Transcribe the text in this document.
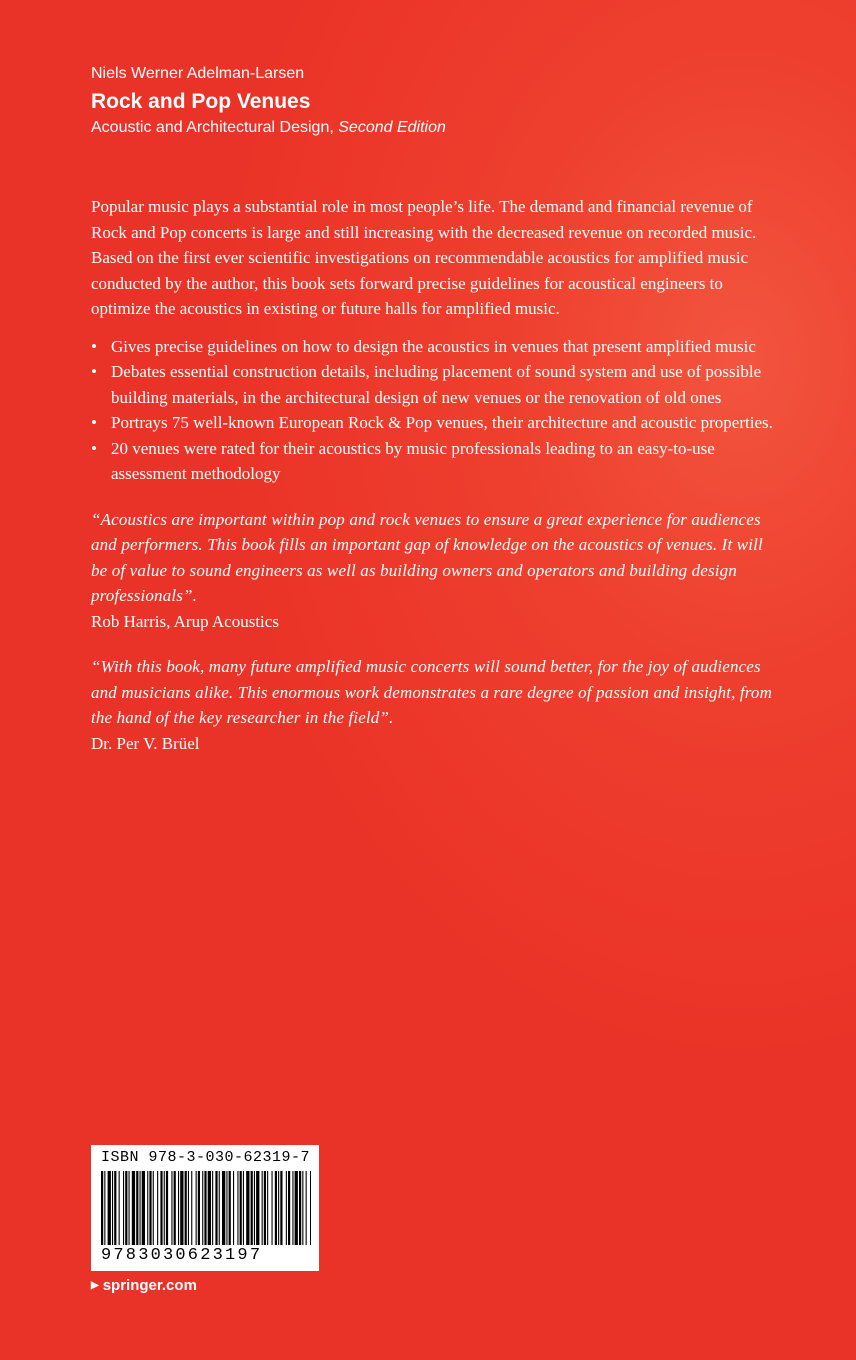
Niels Werner Adelman-Larsen
Rock and Pop Venues
Acoustic and Architectural Design, Second Edition

Popular music plays a substantial role in most people’s life. The demand and financial revenue of Rock and Pop concerts is large and still increasing with the decreased revenue on recorded music. Based on the first ever scientific investigations on recommendable acoustics for amplified music conducted by the author, this book sets forward precise guidelines for acoustical engineers to optimize the acoustics in existing or future halls for amplified music.

• Gives precise guidelines on how to design the acoustics in venues that present amplified music
• Debates essential construction details, including placement of sound system and use of possible building materials, in the architectural design of new venues or the renovation of old ones
• Portrays 75 well-known European Rock & Pop venues, their architecture and acoustic properties.
• 20 venues were rated for their acoustics by music professionals leading to an easy-to-use assessment methodology
“Acoustics are important within pop and rock venues to ensure a great experience for audiences and performers. This book fills an important gap of knowledge on the acoustics of venues. It will be of value to sound engineers as well as building owners and operators and building design professionals”.
Rob Harris, Arup Acoustics
“With this book, many future amplified music concerts will sound better, for the joy of audiences and musicians alike. This enormous work demonstrates a rare degree of passion and insight, from the hand of the key researcher in the field”.
Dr. Per V. Brüel
ISBN 978-3-030-62319-7
9783030623197
▶ springer.com
